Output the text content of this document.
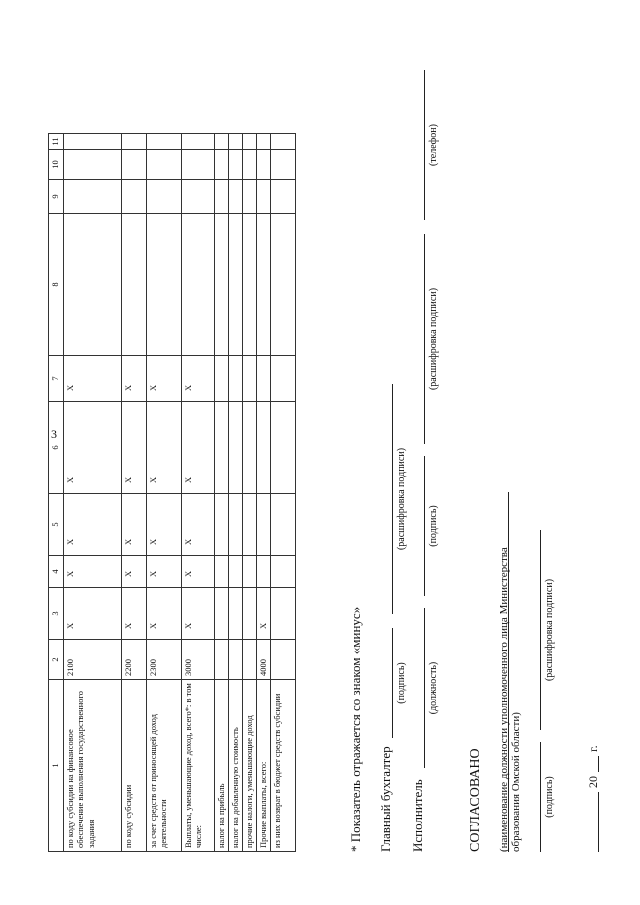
3
1	2	3	4	5	6	7	8	9	10	11
по коду субсидии на финансовое обеспечение выполнения государственного задания	2100	X	X	X	X	X				
по коду субсидии	2200	X	X	X	X	X				
за счет средств от приносящей доход деятельности	2300	X	X	X	X	X				
Выплаты, уменьшающие доход, всего*: в том числе:	3000	X	X	X	X	X				
налог на прибыль										
налог на добавленную стоимость										
прочие налоги, уменьшающие доход										
Прочие выплаты, всего:	4000	X								
из них возврат в бюджет средств субсидии											* Показатель отражается со знаком «минус» Главный бухгалтер
(подпись)
(расшифровка подписи)
Исполнитель
(должность)
(подпись)
(расшифровка подписи)
(телефон)
СОГЛАСОВАНО (наименование должности уполномоченного лица Министерства образования Омской области) (подпись)
(расшифровка подписи)
20
г.
